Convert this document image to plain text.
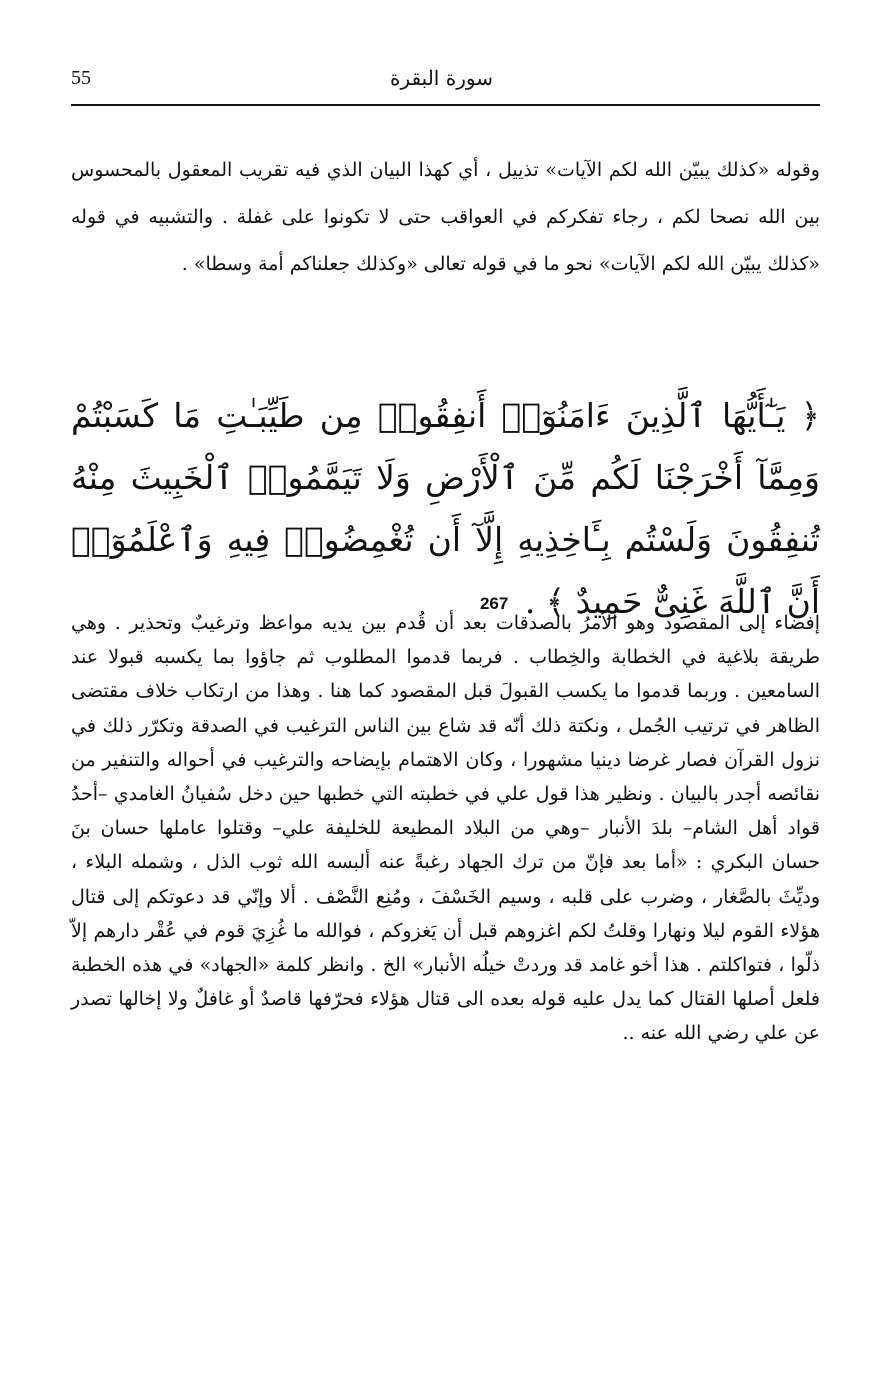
55	سورة البقرة

وقوله «كذلك يبيّن الله لكم الآيات» تذييل ، أي كهذا البيان الذي فيه تقريب المعقول بالمحسوس بين الله نصحا لكم ، رجاء تفكركم في العواقب حتى لا تكونوا على غفلة . والتشبيه في قوله «كذلك يبيّن الله لكم الآيات» نحو ما في قوله تعالى «وكذلك جعلناكم أمة وسطا» .

﴿ يَـٰٓأَيُّهَا ٱلَّذِينَ ءَامَنُوٓا۟ أَنفِقُوا۟ مِن طَيِّبَـٰتِ مَا كَسَبْتُمْ وَمِمَّآ أَخْرَجْنَا لَكُم مِّنَ ٱلْأَرْضِ وَلَا تَيَمَّمُوا۟ ٱلْخَبِيثَ مِنْهُ تُنفِقُونَ وَلَسْتُم بِـَٔاخِذِيهِ إِلَّآ أَن تُغْمِضُوا۟ فِيهِ وَٱعْلَمُوٓا۟ أَنَّ ٱللَّهَ غَنِىٌّ حَمِيدٌ ﴾ . 267

إفضاء إلى المقصود وهو الأمرُ بالصدقات بعد أن قُدم بين يديه مواعظ وترغيبٌ وتحذير . وهي طريقة بلاغية في الخطابة والخِطاب . فربما قدموا المطلوب ثم جاؤوا بما يكسبه قبولا عند السامعين . وربما قدموا ما يكسب القبولَ قبل المقصود كما هنا . وهذا من ارتكاب خلاف مقتضى الظاهر في ترتيب الجُمل ، ونكتة ذلك أنّه قد شاع بين الناس الترغيب في الصدقة وتكرّر ذلك في نزول القرآن فصار غرضا دينيا مشهورا ، وكان الاهتمام بإيضاحه والترغيب في أحواله والتنفير من نقائصه أجدر بالبيان . ونظير هذا قول علي في خطبته التي خطبها حين دخل سُفيانُ الغامدي –أحدُ قواد أهل الشام– بلدَ الأنبار –وهي من البلاد المطيعة للخليفة علي– وقتلوا عاملها حسان بنَ حسان البكري : «أما بعد فإنّ من ترك الجهاد رغبةً عنه ألبسه الله ثوب الذل ، وشمله البلاء ، وديِّثَ بالصَّغار ، وضرب على قلبه ، وسيم الخَسْفَ ، ومُنِع النَّصْف . ألا وإنّي قد دعوتكم إلى قتال هؤلاء القوم ليلا ونهارا وقلتُ لكم اغزوهم قبل أن يَغزوكم ، فوالله ما غُزِيَ قوم في عُقْر دارهم إلاّ ذلّوا ، فتواكلتم . هذا أخو غامد قد وردتْ خيلُه الأنبار» الخ . وانظر كلمة «الجهاد» في هذه الخطبة فلعل أصلها القتال كما يدل عليه قوله بعده الى قتال هؤلاء فحرّفها قاصدٌ أو غافلٌ ولا إخالها تصدر عن علي رضي الله عنه ..
